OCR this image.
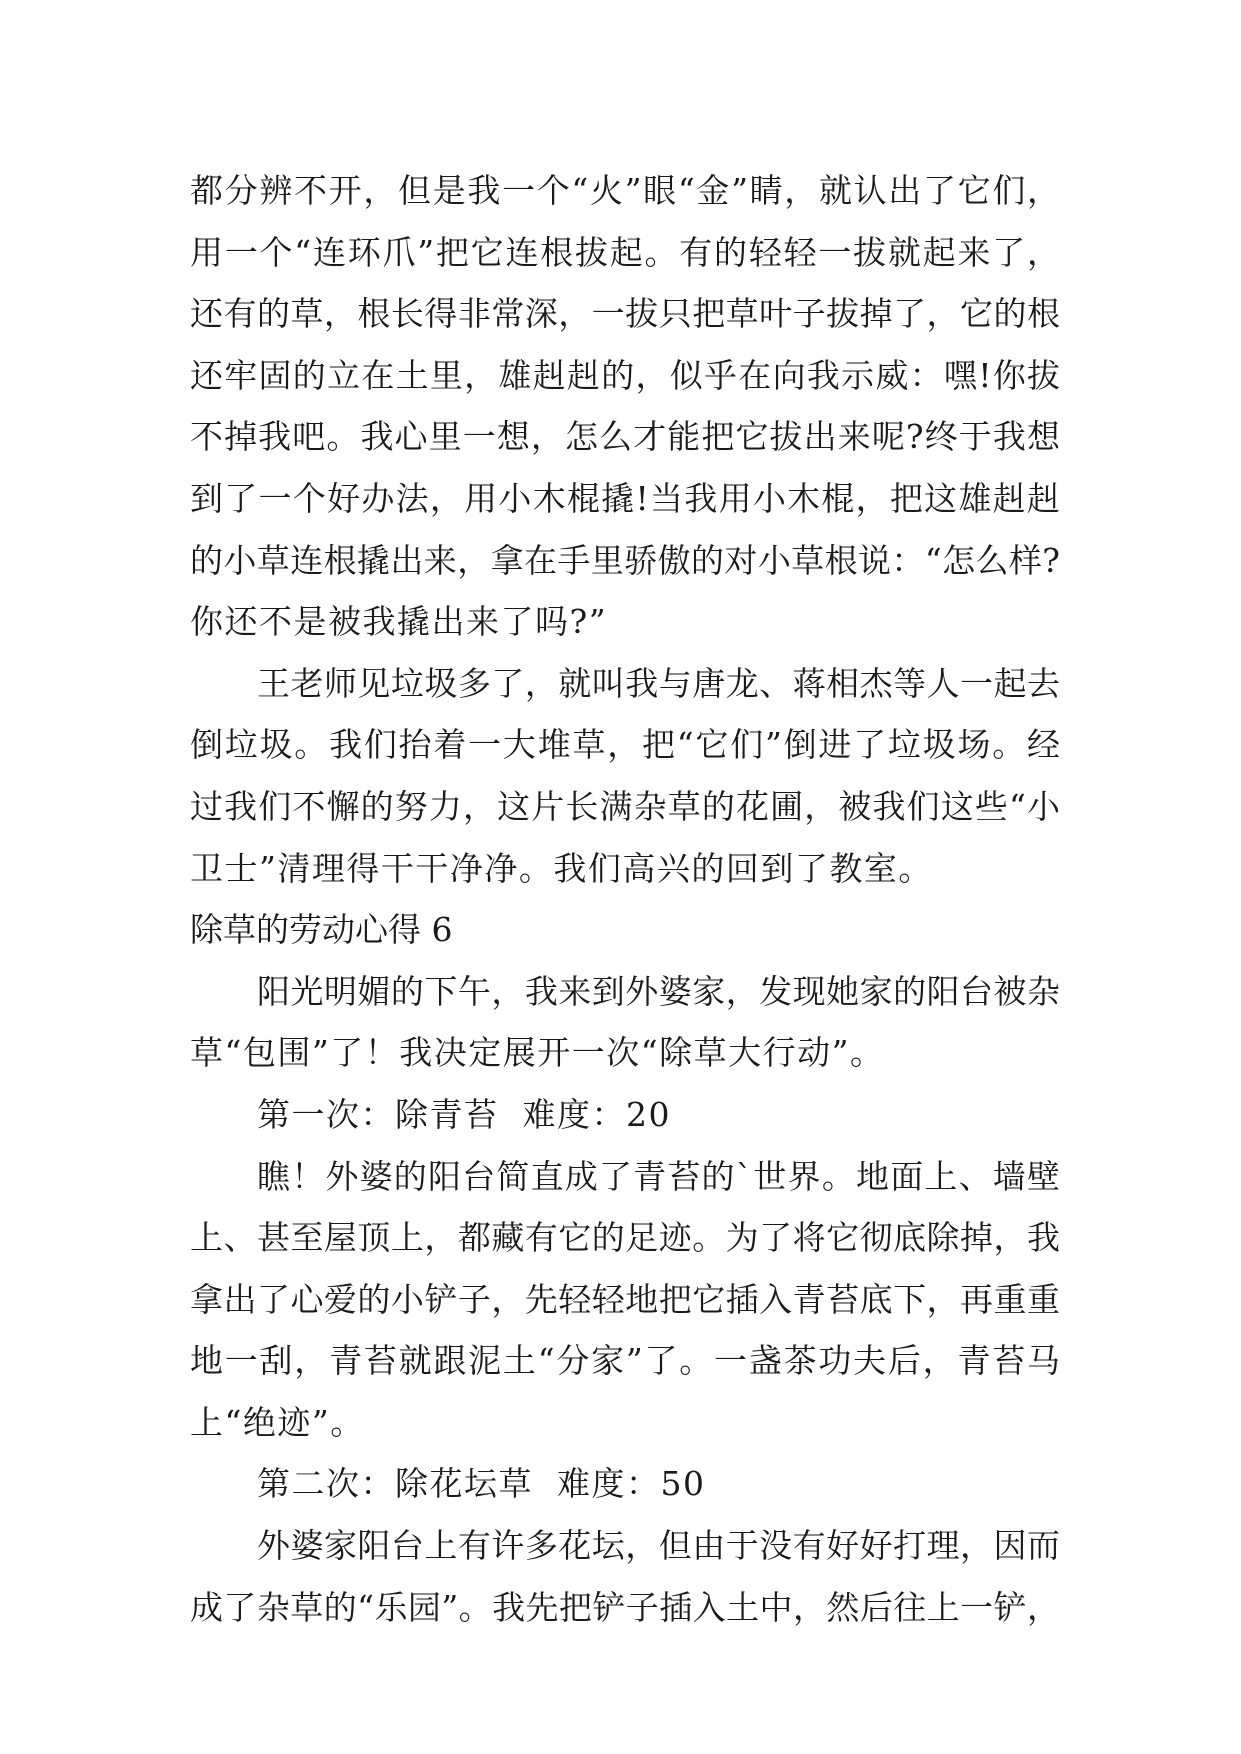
都分辨不开，但是我一个“火”眼“金”睛，就认出了它们，
用一个“连环爪”把它连根拔起。有的轻轻一拔就起来了，
还有的草，根长得非常深，一拔只把草叶子拔掉了，它的根
还牢固的立在土里，雄赳赳的，似乎在向我示威：嘿!你拔
不掉我吧。我心里一想，怎么才能把它拔出来呢?终于我想
到了一个好办法，用小木棍撬!当我用小木棍，把这雄赳赳
的小草连根撬出来，拿在手里骄傲的对小草根说：“怎么样?
你还不是被我撬出来了吗?”
王老师见垃圾多了，就叫我与唐龙、蒋相杰等人一起去
倒垃圾。我们抬着一大堆草，把“它们”倒进了垃圾场。经
过我们不懈的努力，这片长满杂草的花圃，被我们这些“小
卫士”清理得干干净净。我们高兴的回到了教室。
除草的劳动心得 6
阳光明媚的下午，我来到外婆家，发现她家的阳台被杂
草“包围”了！我决定展开一次“除草大行动”。
第一次：除青苔  难度：20
瞧！外婆的阳台简直成了青苔的`世界。地面上、墙壁
上、甚至屋顶上，都藏有它的足迹。为了将它彻底除掉，我
拿出了心爱的小铲子，先轻轻地把它插入青苔底下，再重重
地一刮，青苔就跟泥土“分家”了。一盏茶功夫后，青苔马
上“绝迹”。
第二次：除花坛草  难度：50
外婆家阳台上有许多花坛，但由于没有好好打理，因而
成了杂草的“乐园”。我先把铲子插入土中，然后往上一铲，
